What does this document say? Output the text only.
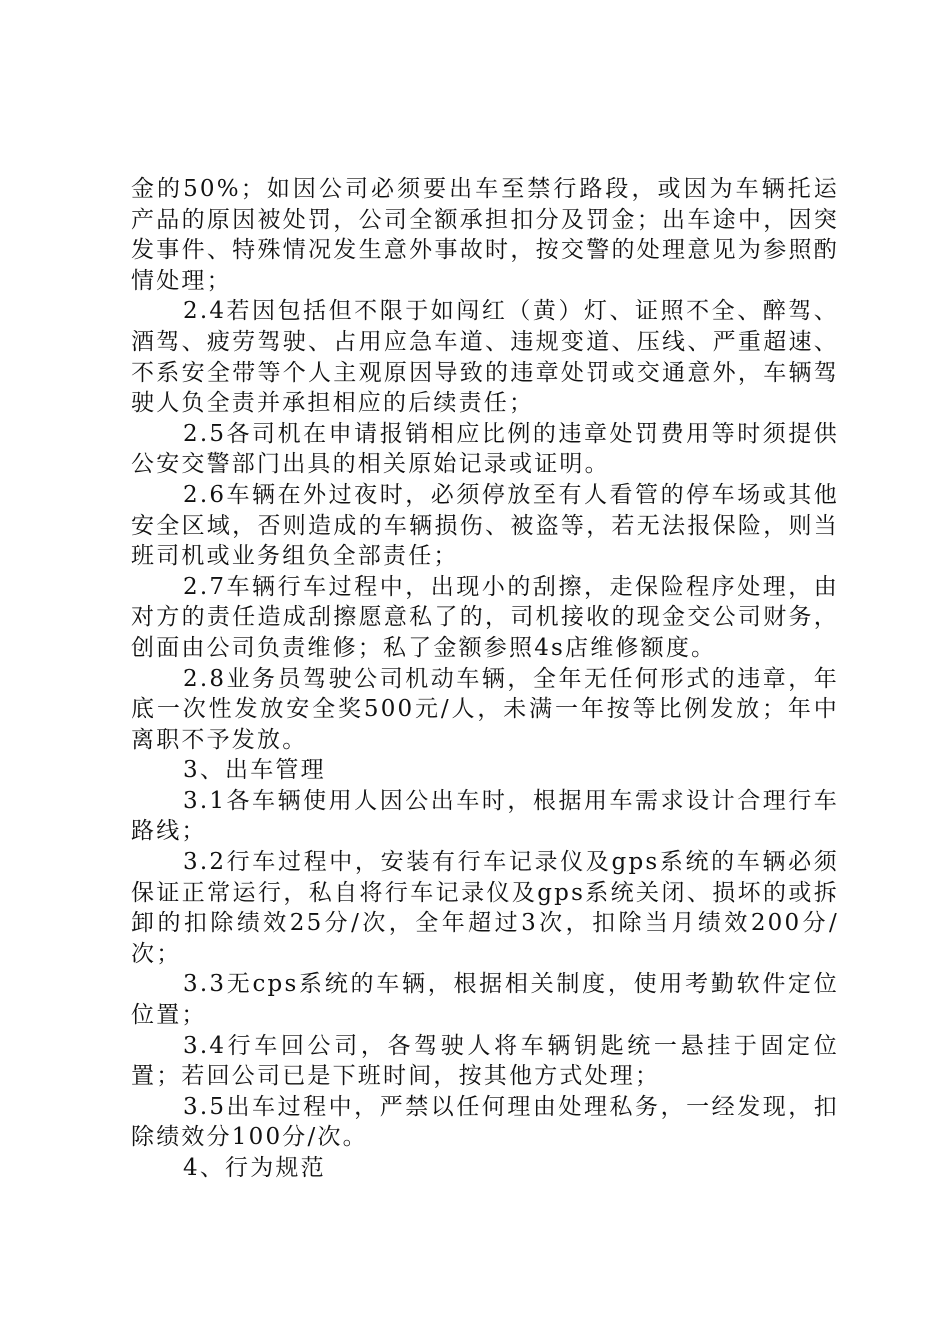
金的50%；如因公司必须要出车至禁行路段，或因为车辆托运产品的原因被处罚，公司全额承担扣分及罚金；出车途中，因突发事件、特殊情况发生意外事故时，按交警的处理意见为参照酌情处理；

2.4若因包括但不限于如闯红（黄）灯、证照不全、醉驾、酒驾、疲劳驾驶、占用应急车道、违规变道、压线、严重超速、不系安全带等个人主观原因导致的违章处罚或交通意外，车辆驾驶人负全责并承担相应的后续责任；

2.5各司机在申请报销相应比例的违章处罚费用等时须提供公安交警部门出具的相关原始记录或证明。

2.6车辆在外过夜时，必须停放至有人看管的停车场或其他安全区域，否则造成的车辆损伤、被盗等，若无法报保险，则当班司机或业务组负全部责任；

2.7车辆行车过程中，出现小的刮擦，走保险程序处理，由对方的责任造成刮擦愿意私了的，司机接收的现金交公司财务，创面由公司负责维修；私了金额参照4s店维修额度。

2.8业务员驾驶公司机动车辆，全年无任何形式的违章，年底一次性发放安全奖500元/人，未满一年按等比例发放；年中离职不予发放。

3、出车管理

3.1各车辆使用人因公出车时，根据用车需求设计合理行车路线；

3.2行车过程中，安装有行车记录仪及gps系统的车辆必须保证正常运行，私自将行车记录仪及gps系统关闭、损坏的或拆卸的扣除绩效25分/次，全年超过3次，扣除当月绩效200分/次；

3.3无cps系统的车辆，根据相关制度，使用考勤软件定位位置；

3.4行车回公司，各驾驶人将车辆钥匙统一悬挂于固定位置；若回公司已是下班时间，按其他方式处理；

3.5出车过程中，严禁以任何理由处理私务，一经发现，扣除绩效分100分/次。

4、行为规范
